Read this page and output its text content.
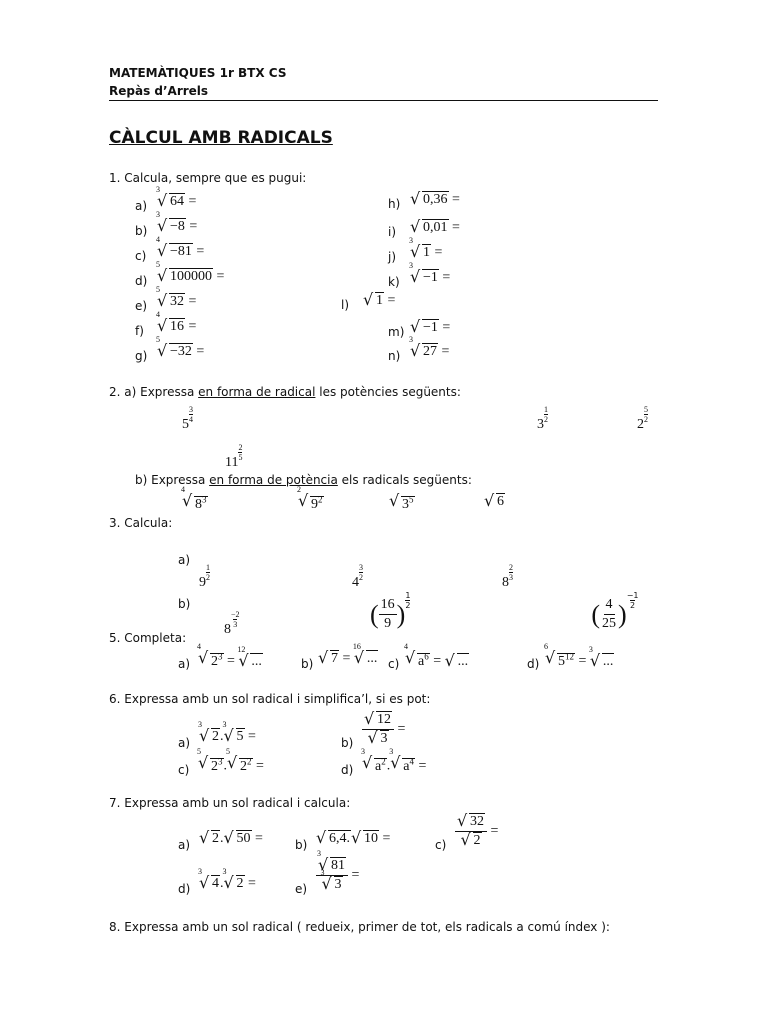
MATEMÀTIQUES 1r BTX CS
Repàs d’Arrels
CÀLCUL AMB RADICALS
1. Calcula, sempre que es pugui:
a)
√ 3
64 =
b)
√ 3
−8 =
c)
√ 4
−81 =
d)
√ 5
100000 =
e)
√ 5
32 =
f)
√ 4
16 =
g)
√ 5
−32 =
h)	√ 0,36 =
i)	√ 0,01 =
j)
√ 3
1 =
k)
√ 3
−1 =
l)	√ 1 =
m)	√ −1 =
n)
√ 3
27 =
2. a) Expressa en forma de radical les potències següents:
5
$\frac{3}{4}$
3
$\frac{1}{2}$
2
$\frac{5}{2}$
11
$\frac{2}{5}$
b) Expressa en forma de potència els radicals següents:
√ 4
$8^3$
√ 2
$9^2$	√ $3^5$	√ 6
3. Calcula:
a)
b)
9
$\frac{1}{2}$
4
$\frac{3}{2}$
8
$\frac{2}{3}$
8
$\frac{-2}{3}$	( $\frac{16}{9}$ ) $\frac{1}{2}$	( $\frac{4}{25}$ ) $\frac{-1}{2}$
5. Completa:
a)	b)	c)	d)
√ 4
$2^3$ =
√ 12
...	√ 7 =
√ 16
...
√ 4
$a^6$ = √ ...
√ 6
$5^{12}$ =
√ 3
...
6. Expressa amb un sol radical i simplifica’l, si es pot:
a)	b)
c)	d)
√ 3
2.
√ 3
5 =	√ 12
√ 3 =
√ 5
$2^3$.
√ 5
$2^2$ =
√ 3
$a^2$.
√ 3
$a^4$ =
7. Expressa amb un sol radical i calcula:
a)	b)	c)
d)	e)
√ 2. √ 50 =	√ 6,4. √ 10 =	√ 32
√ 2 =
√ 3
4.
√ 3
2 =	√ 3
81
√ 3
3 =
8. Expressa amb un sol radical ( redueix, primer de tot, els radicals a comú índex ):
